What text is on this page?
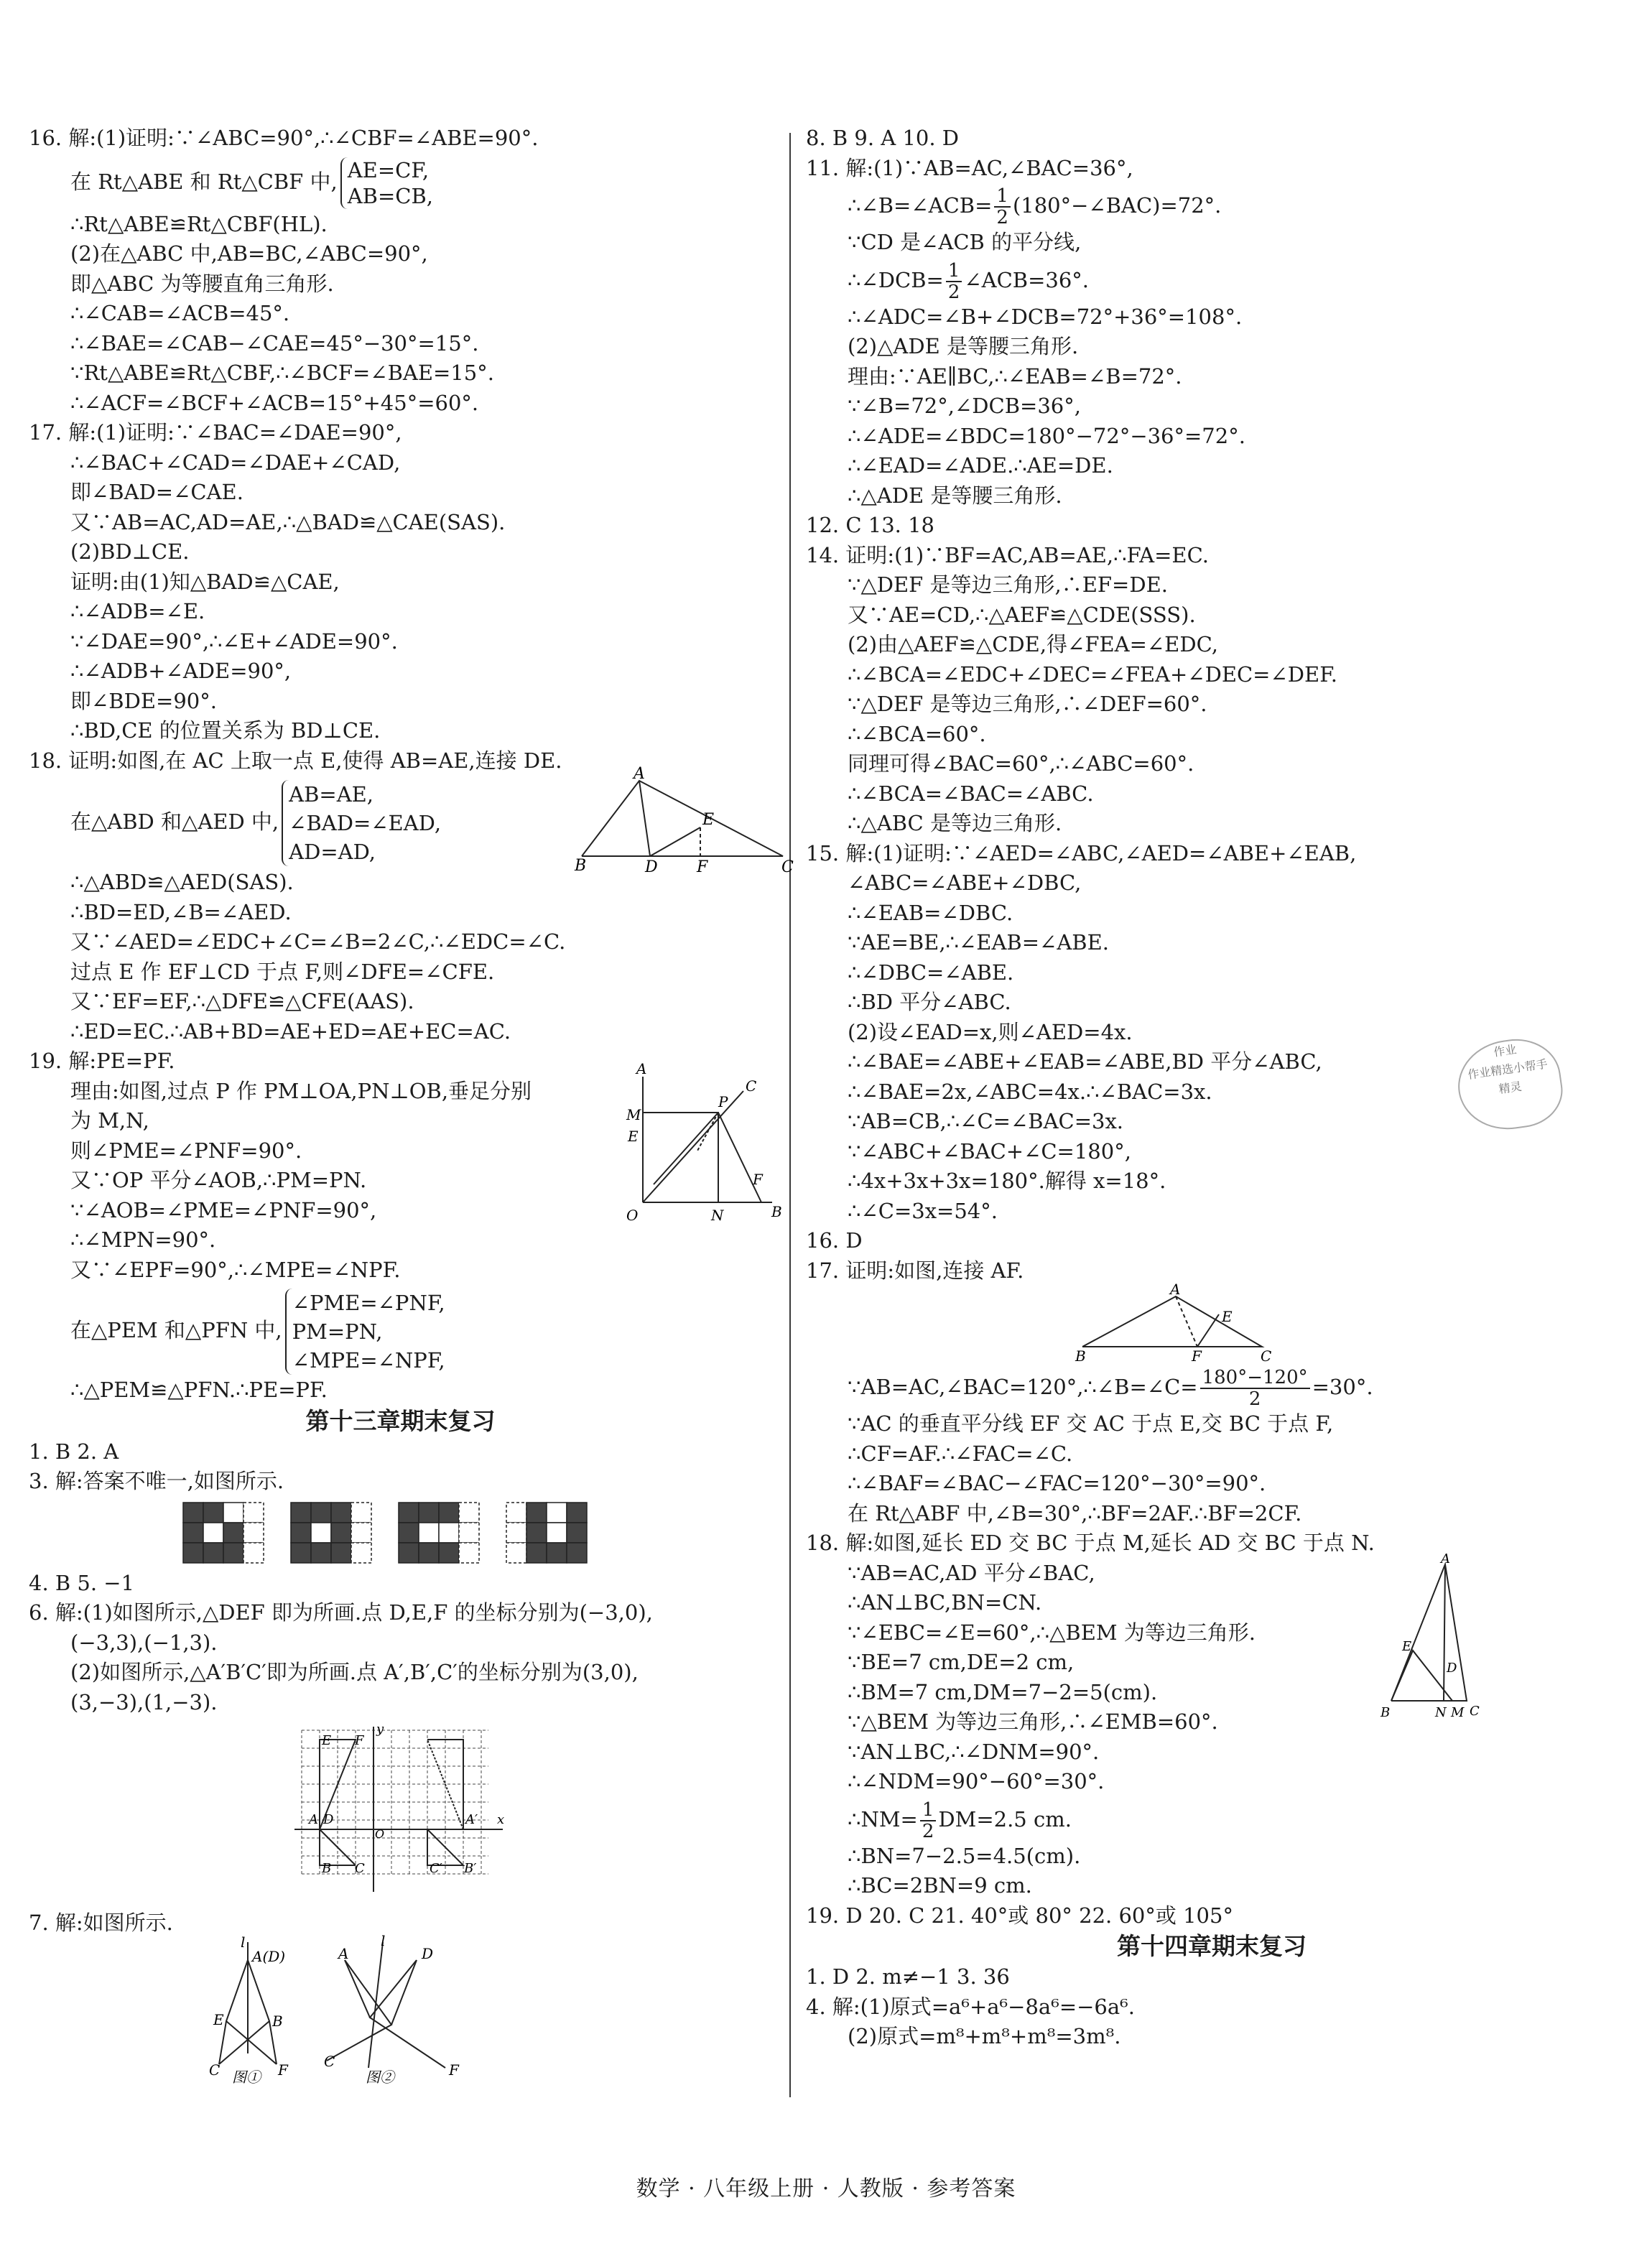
16. 解:(1)证明:∵∠ABC=90°,∴∠CBF=∠ABE=90°.
在 Rt△ABE 和 Rt△CBF 中, AE=CF,
AB=CB,
∴Rt△ABE≌Rt△CBF(HL).
(2)在△ABC 中,AB=BC,∠ABC=90°,
即△ABC 为等腰直角三角形.
∴∠CAB=∠ACB=45°.
∴∠BAE=∠CAB−∠CAE=45°−30°=15°.
∵Rt△ABE≌Rt△CBF,∴∠BCF=∠BAE=15°.
∴∠ACF=∠BCF+∠ACB=15°+45°=60°.
17. 解:(1)证明:∵∠BAC=∠DAE=90°,
∴∠BAC+∠CAD=∠DAE+∠CAD,
即∠BAD=∠CAE.
又∵AB=AC,AD=AE,∴△BAD≌△CAE(SAS).
(2)BD⊥CE.
证明:由(1)知△BAD≌△CAE,
∴∠ADB=∠E.
∵∠DAE=90°,∴∠E+∠ADE=90°.
∴∠ADB+∠ADE=90°,
即∠BDE=90°.
∴BD,CE 的位置关系为 BD⊥CE.
18. 证明:如图,在 AC 上取一点 E,使得 AB=AE,连接 DE.
在△ABD 和△AED 中,AB=AE,
∠BAD=∠EAD,
AD=AD,
B
A
D
E
F	C
∴△ABD≌△AED(SAS).
∴BD=ED,∠B=∠AED.
又∵∠AED=∠EDC+∠C=∠B=2∠C,∴∠EDC=∠C.
过点 E 作 EF⊥CD 于点 F,则∠DFE=∠CFE.
又∵EF=EF,∴△DFE≌△CFE(AAS).
∴ED=EC.∴AB+BD=AE+ED=AE+EC=AC.
19. 解:PE=PF.
理由:如图,过点 P 作 PM⊥OA,PN⊥OB,垂足分别
为 M,N,
则∠PME=∠PNF=90°.
又∵OP 平分∠AOB,∴PM=PN.
∵∠AOB=∠PME=∠PNF=90°,
∴∠MPN=90°.
又∵∠EPF=90°,∴∠MPE=∠NPF.
A
M
E
O
P
C
N
F
B
在△PEM 和△PFN 中,∠PME=∠PNF,
PM=PN,
∠MPE=∠NPF,
∴△PEM≌△PFN.∴PE=PF.
第十三章期末复习
1. B 2. A
3. 解:答案不唯一,如图所示.
4. B 5. −1
6. 解:(1)如图所示,△DEF 即为所画.点 D,E,F 的坐标分别为(−3,0),
(−3,3),(−1,3).
(2)如图所示,△A′B′C′即为所画.点 A′,B′,C′的坐标分别为(3,0),
(3,−3),(1,−3).
E F
A D
O
x
y
B C	C′ B′
A′
7. 解:如图所示.
l
A(D)
E	B
C	F
图①
A	D
l
C	F
图②
8. B 9. A 10. D
11. 解:(1)∵AB=AC,∠BAC=36°,
∴∠B=∠ACB= $\frac{1}{2}$ (180°−∠BAC)=72°.
∵CD 是∠ACB 的平分线,
∴∠DCB= $\frac{1}{2}$ ∠ACB=36°.
∴∠ADC=∠B+∠DCB=72°+36°=108°.
(2)△ADE 是等腰三角形.
理由:∵AE∥BC,∴∠EAB=∠B=72°.
∵∠B=72°,∠DCB=36°,
∴∠ADE=∠BDC=180°−72°−36°=72°.
∴∠EAD=∠ADE.∴AE=DE.
∴△ADE 是等腰三角形.
12. C 13. 18
14. 证明:(1)∵BF=AC,AB=AE,∴FA=EC.
∵△DEF 是等边三角形,∴EF=DE.
又∵AE=CD,∴△AEF≌△CDE(SSS).
(2)由△AEF≌△CDE,得∠FEA=∠EDC,
∴∠BCA=∠EDC+∠DEC=∠FEA+∠DEC=∠DEF.
∵△DEF 是等边三角形,∴∠DEF=60°.
∴∠BCA=60°.
同理可得∠BAC=60°,∴∠ABC=60°.
∴∠BCA=∠BAC=∠ABC.
∴△ABC 是等边三角形.
15. 解:(1)证明:∵∠AED=∠ABC,∠AED=∠ABE+∠EAB,
∠ABC=∠ABE+∠DBC,
∴∠EAB=∠DBC.
∵AE=BE,∴∠EAB=∠ABE.
∴∠DBC=∠ABE.
∴BD 平分∠ABC.
(2)设∠EAD=x,则∠AED=4x.
∴∠BAE=∠ABE+∠EAB=∠ABE,BD 平分∠ABC,
∴∠BAE=2x,∠ABC=4x.∴∠BAC=3x.
∵AB=CB,∴∠C=∠BAC=3x.
∵∠ABC+∠BAC+∠C=180°,
∴4x+3x+3x=180°.解得 x=18°.
∴∠C=3x=54°.
16. D
17. 证明:如图,连接 AF.
A
E
B	F	C
∵AB=AC,∠BAC=120°,∴∠B=∠C= $\frac{180^\circ-120^\circ}{2} =30^\circ$.
∵AC 的垂直平分线 EF 交 AC 于点 E,交 BC 于点 F,
∴CF=AF.∴∠FAC=∠C.
∴∠BAF=∠BAC−∠FAC=120°−30°=90°.
在 Rt△ABF 中,∠B=30°,∴BF=2AF.∴BF=2CF.
18. 解:如图,延长 ED 交 BC 于点 M,延长 AD 交 BC 于点 N.
∵AB=AC,AD 平分∠BAC,
∴AN⊥BC,BN=CN.
∵∠EBC=∠E=60°,∴△BEM 为等边三角形.
∵BE=7 cm,DE=2 cm,
∴BM=7 cm,DM=7−2=5(cm).
∵△BEM 为等边三角形,∴∠EMB=60°.
∵AN⊥BC,∴∠DNM=90°.
∴∠NDM=90°−60°=30°.
A
E
D
B	N M C
∴NM= $\frac{1}{2} DM=2.5$ cm.
∴BN=7−2.5=4.5(cm).
∴BC=2BN=9 cm.
19. D 20. C 21. 40°或 80° 22. 60°或 105°
第十四章期末复习
1. D 2. m≠−1 3. 36
4. 解:(1)原式=a⁶+a⁶−8a⁶=−6a⁶.
(2)原式=m⁸+m⁸+m⁸=3m⁸.
作业
作业精选小帮手
精灵
数学 · 八年级上册 · 人教版 · 参考答案
